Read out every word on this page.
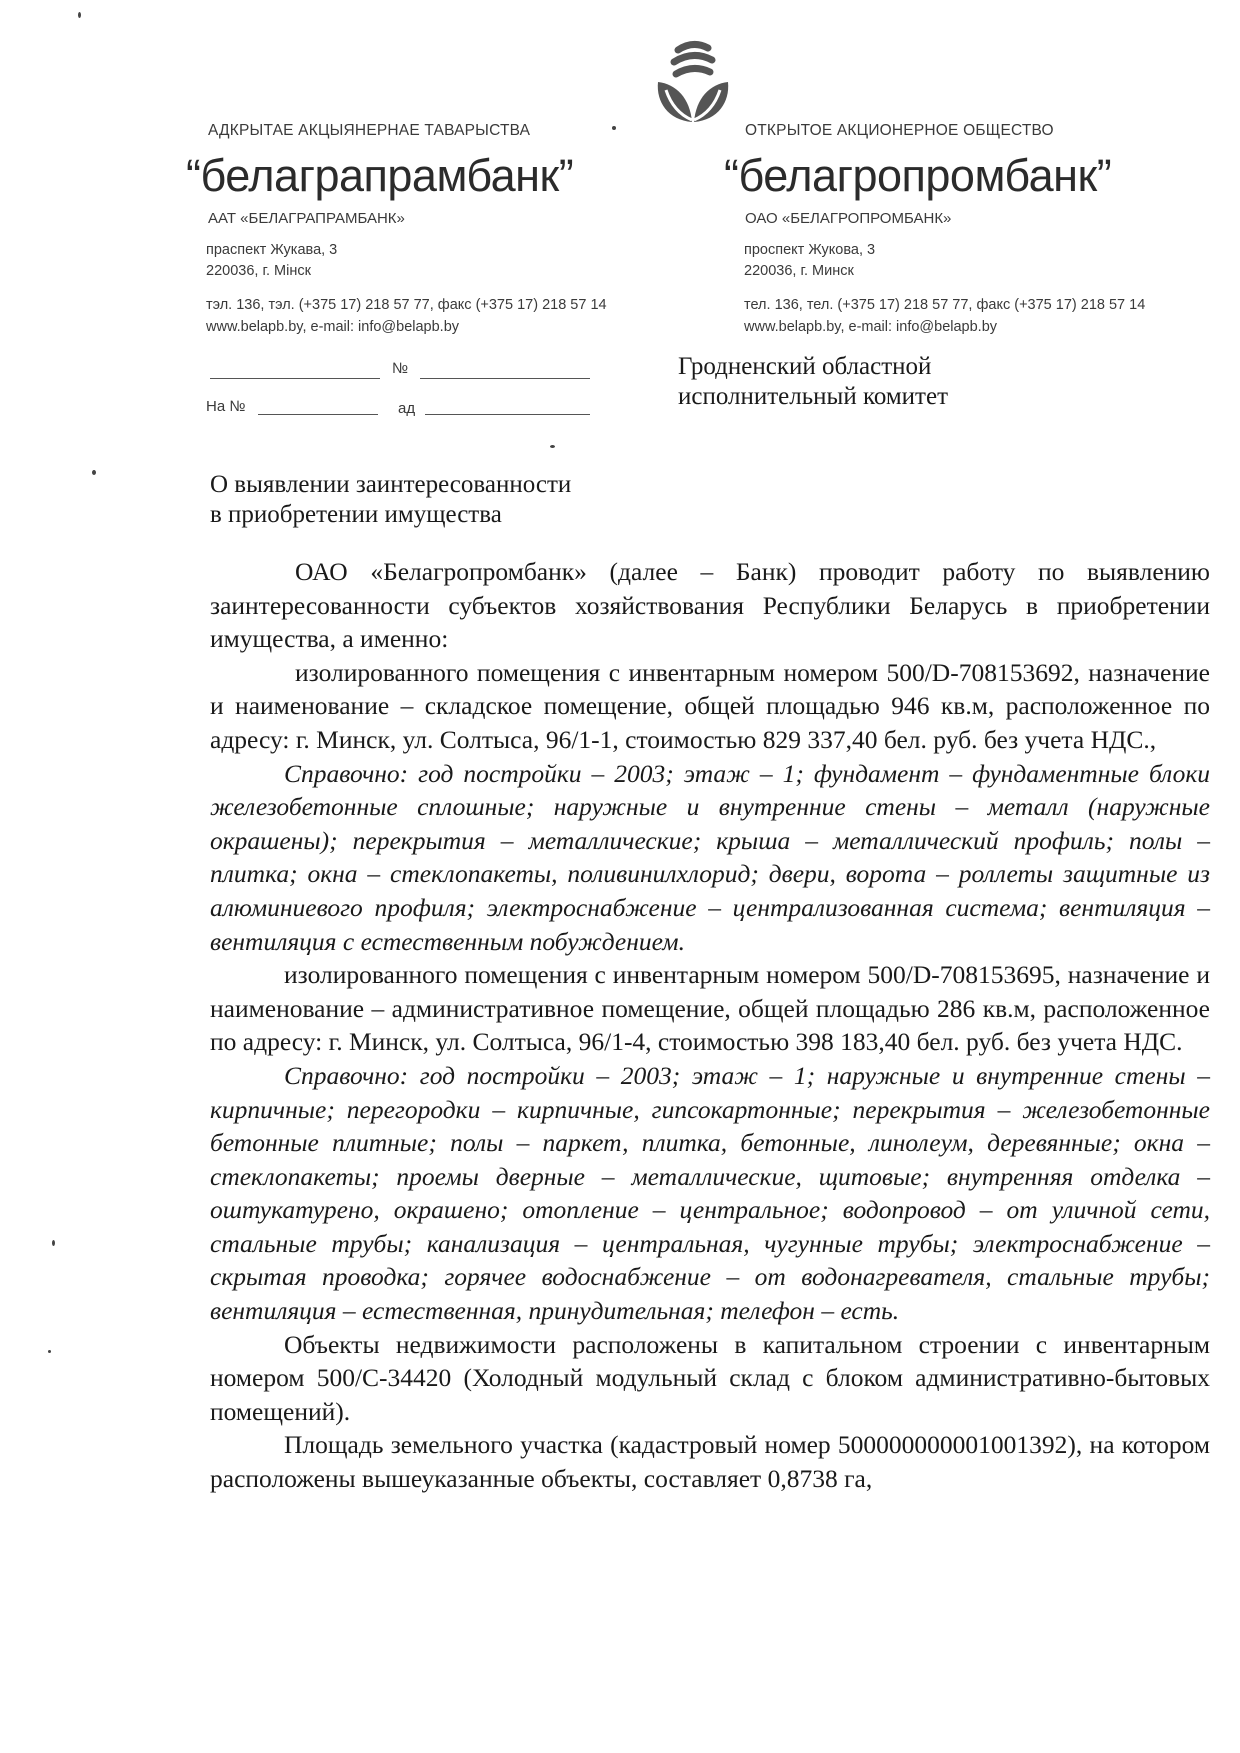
АДКРЫТАЕ АКЦЫЯНЕРНАЕ ТАВАРЫСТВА
“белаграпрамбанк”
ААТ «БЕЛАГРАПРАМБАНК»
праспект Жукава, 3
220036, г. Мінск
тэл. 136, тэл. (+375 17) 218 57 77, факс (+375 17) 218 57 14
www.belapb.by, e-mail: info@belapb.by
ОТКРЫТОЕ АКЦИОНЕРНОЕ ОБЩЕСТВО
“белагропромбанк”
ОАО «БЕЛАГРОПРОМБАНК»
проспект Жукова, 3
220036, г. Минск
тел. 136, тел. (+375 17) 218 57 77, факс (+375 17) 218 57 14
www.belapb.by, e-mail: info@belapb.by
№
На №	ад
Гродненский областной
исполнительный комитет
О выявлении заинтересованности
в приобретении имущества

ОАО «Белагропромбанк» (далее – Банк) проводит работу по выявлению заинтересованности субъектов хозяйствования Республики Беларусь в приобретении имущества, а именно:

изолированного помещения с инвентарным номером 500/D-708153692, назначение и наименование – складское помещение, общей площадью 946 кв.м, расположенное по адресу: г. Минск, ул. Солтыса, 96/1-1, стоимостью 829 337,40 бел. руб. без учета НДС.,

Справочно: год постройки – 2003; этаж – 1; фундамент – фундаментные блоки железобетонные сплошные; наружные и внутренние стены – металл (наружные окрашены); перекрытия – металлические; крыша – металлический профиль; полы – плитка; окна – стеклопакеты, поливинилхлорид; двери, ворота – роллеты защитные из алюминиевого профиля; электроснабжение – централизованная система; вентиляция – вентиляция с естественным побуждением.

изолированного помещения с инвентарным номером 500/D-708153695, назначение и наименование – административное помещение, общей площадью 286 кв.м, расположенное по адресу: г. Минск, ул. Солтыса, 96/1-4, стоимостью 398 183,40 бел. руб. без учета НДС.

Справочно: год постройки – 2003; этаж – 1; наружные и внутренние стены – кирпичные; перегородки – кирпичные, гипсокартонные; перекрытия – железобетонные бетонные плитные; полы – паркет, плитка, бетонные, линолеум, деревянные; окна – стеклопакеты; проемы дверные – металлические, щитовые; внутренняя отделка – оштукатурено, окрашено; отопление – центральное; водопровод – от уличной сети, стальные трубы; канализация – центральная, чугунные трубы; электроснабжение – скрытая проводка; горячее водоснабжение – от водонагревателя, стальные трубы; вентиляция – естественная, принудительная; телефон – есть.

Объекты недвижимости расположены в капитальном строении с инвентарным номером 500/С-34420 (Холодный модульный склад с блоком административно-бытовых помещений).

Площадь земельного участка (кадастровый номер 500000000001001392), на котором расположены вышеуказанные объекты, составляет 0,8738 га,
